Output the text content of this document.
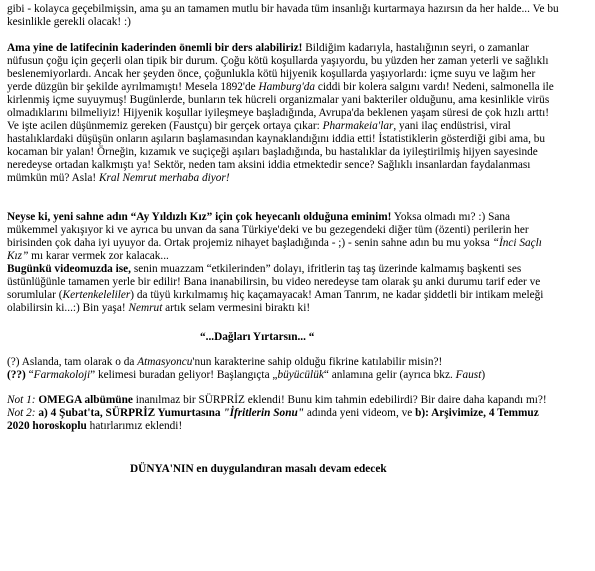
gibi - kolayca geçebilmişsin, ama şu an tamamen mutlu bir havada tüm insanlığı kurtarmaya hazırsın da her halde... Ve bu
kesinlikle gerekli olacak! :)
Ama yine de latifecinin kaderinden önemli bir ders alabiliriz! Bildiğim kadarıyla, hastalığının seyri, o zamanlar
nüfusun çoğu için geçerli olan tipik bir durum. Çoğu kötü koşullarda yaşıyordu, bu yüzden her zaman yeterli ve sağlıklı
beslenemiyorlardı. Ancak her şeyden önce, çoğunlukla kötü hijyenik koşullarda yaşıyorlardı: içme suyu ve lağım her
yerde düzgün bir şekilde ayrılmamıştı! Mesela 1892'de Hamburg'da ciddi bir kolera salgını vardı! Nedeni, salmonella ile
kirlenmiş içme suyuymuş! Bugünlerde, bunların tek hücreli organizmalar yani bakteriler olduğunu, ama kesinlikle virüs
olmadıklarını bilmeliyiz! Hijyenik koşullar iyileşmeye başladığında, Avrupa'da beklenen yaşam süresi de çok hızlı arttı!
Ve işte acilen düşünmemiz gereken (Faustçu) bir gerçek ortaya çıkar: Pharmakeia'lar, yani ilaç endüstrisi, viral
hastalıklardaki düşüşün onların aşıların başlamasından kaynaklandığını iddia etti! İstatistiklerin gösterdiği gibi ama, bu
kocaman bir yalan! Örneğin, kızamık ve suçiçeği aşıları başladığında, bu hastalıklar da iyileştirilmiş hijyen sayesinde
neredeyse ortadan kalkmıştı ya! Sektör, neden tam aksini iddia etmektedir sence? Sağlıklı insanlardan faydalanması
mümkün mü? Asla! Kral Nemrut merhaba diyor!
Neyse ki, yeni sahne adın “Ay Yıldızlı Kız” için çok heyecanlı olduğuna eminim! Yoksa olmadı mı? :) Sana
mükemmel yakışıyor ki ve ayrıca bu unvan da sana Türkiye'deki ve bu gezegendeki diğer tüm (özenti) perilerin her
birisinden çok daha iyi uyuyor da. Ortak projemiz nihayet başladığında - ;) - senin sahne adın bu mu yoksa “İnci Saçlı
Kız” mı karar vermek zor kalacak...
Bugünkü videomuzda ise, senin muazzam “etkilerinden” dolayı, ifritlerin taş taş üzerinde kalmamış başkenti ses
üstünlüğünle tamamen yerle bir edilir! Bana inanabilirsin, bu video neredeyse tam olarak şu anki durumu tarif eder ve
sorumlular (Kertenkeleliler) da tüyü kırkılmamış hiç kaçamayacak! Aman Tanrım, ne kadar şiddetli bir intikam meleği
olabilirsin ki...:) Bin yaşa! Nemrut artık selam vermesini biraktı ki!
“...Dağları Yırtarsın... “
(?) Aslanda, tam olarak o da Atmasyoncu'nun karakterine sahip olduğu fikrine katılabilir misin?!
(??) “Farmakoloji” kelimesi buradan geliyor! Başlangıçta „büyücülük“ anlamına gelir (ayrıca bkz. Faust)
Not 1: OMEGA albümüne inanılmaz bir SÜRPRİZ eklendi! Bunu kim tahmin edebilirdi? Bir daire daha kapandı mı?!
Not 2: a) 4 Şubat'ta, SÜRPRİZ Yumurtasına "İfritlerin Sonu" adında yeni videom, ve b): Arşivimize, 4 Temmuz
2020 horoskoplu hatırlarımız eklendi!
DÜNYA'NIN en duygulandıran masalı devam edecek
